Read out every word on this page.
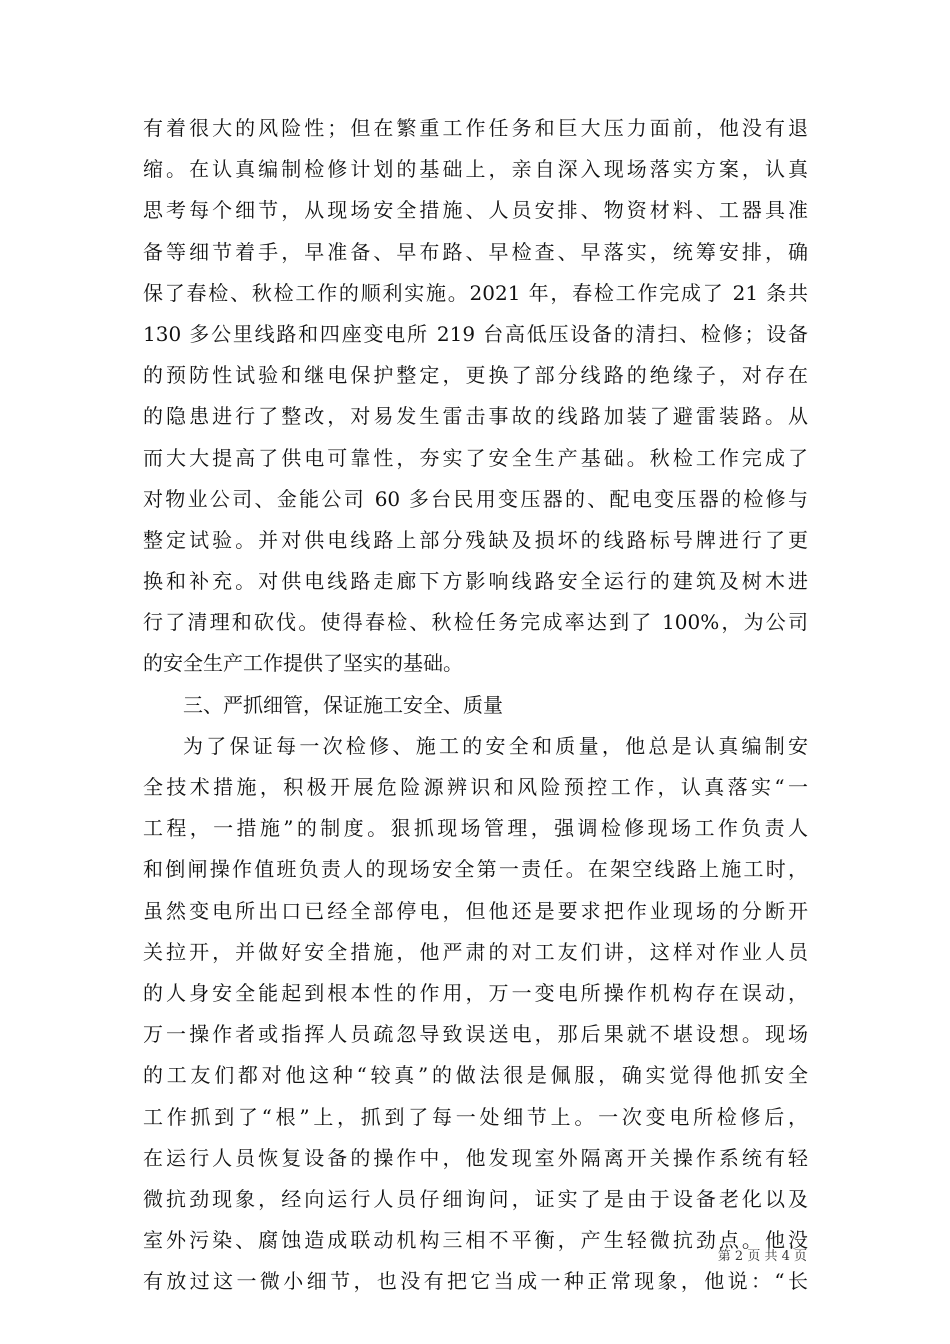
有着很大的风险性；但在繁重工作任务和巨大压力面前，他没有退
缩。在认真编制检修计划的基础上，亲自深入现场落实方案，认真
思考每个细节，从现场安全措施、人员安排、物资材料、工器具准
备等细节着手，早准备、早布路、早检查、早落实，统筹安排，确
保了春检、秋检工作的顺利实施。2021 年，春检工作完成了 21 条共
130 多公里线路和四座变电所 219 台高低压设备的清扫、检修；设备
的预防性试验和继电保护整定，更换了部分线路的绝缘子，对存在
的隐患进行了整改，对易发生雷击事故的线路加装了避雷装路。从
而大大提高了供电可靠性，夯实了安全生产基础。秋检工作完成了
对物业公司、金能公司 60 多台民用变压器的、配电变压器的检修与
整定试验。并对供电线路上部分残缺及损坏的线路标号牌进行了更
换和补充。对供电线路走廊下方影响线路安全运行的建筑及树木进
行了清理和砍伐。使得春检、秋检任务完成率达到了 100%，为公司
的安全生产工作提供了坚实的基础。
三、严抓细管，保证施工安全、质量
为了保证每一次检修、施工的安全和质量，他总是认真编制安
全技术措施，积极开展危险源辨识和风险预控工作，认真落实“一
工程，一措施”的制度。狠抓现场管理，强调检修现场工作负责人
和倒闸操作值班负责人的现场安全第一责任。在架空线路上施工时，
虽然变电所出口已经全部停电，但他还是要求把作业现场的分断开
关拉开，并做好安全措施，他严肃的对工友们讲，这样对作业人员
的人身安全能起到根本性的作用，万一变电所操作机构存在误动，
万一操作者或指挥人员疏忽导致误送电，那后果就不堪设想。现场
的工友们都对他这种“较真”的做法很是佩服，确实觉得他抓安全
工作抓到了“根”上，抓到了每一处细节上。一次变电所检修后，
在运行人员恢复设备的操作中，他发现室外隔离开关操作系统有轻
微抗劲现象，经向运行人员仔细询问，证实了是由于设备老化以及
室外污染、腐蚀造成联动机构三相不平衡，产生轻微抗劲点。他没
有放过这一微小细节，也没有把它当成一种正常现象，他说：“长
第 2 页 共 4 页
